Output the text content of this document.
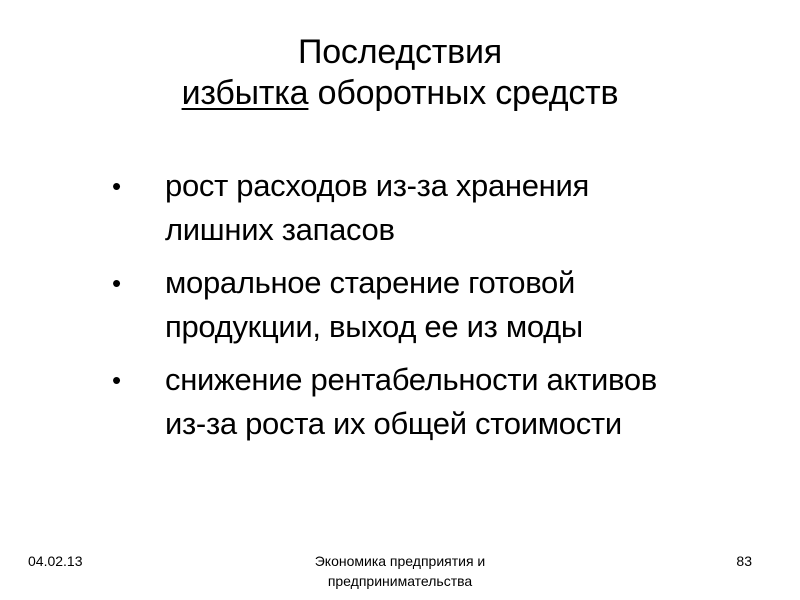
Последствия
избытка оборотных средств
• рост расходов из-за хранения
лишних запасов
• моральное старение готовой
продукции, выход ее из моды
• снижение рентабельности активов
из-за роста их общей стоимости
04.02.13	Экономика предприятия и
предпринимательства
83
